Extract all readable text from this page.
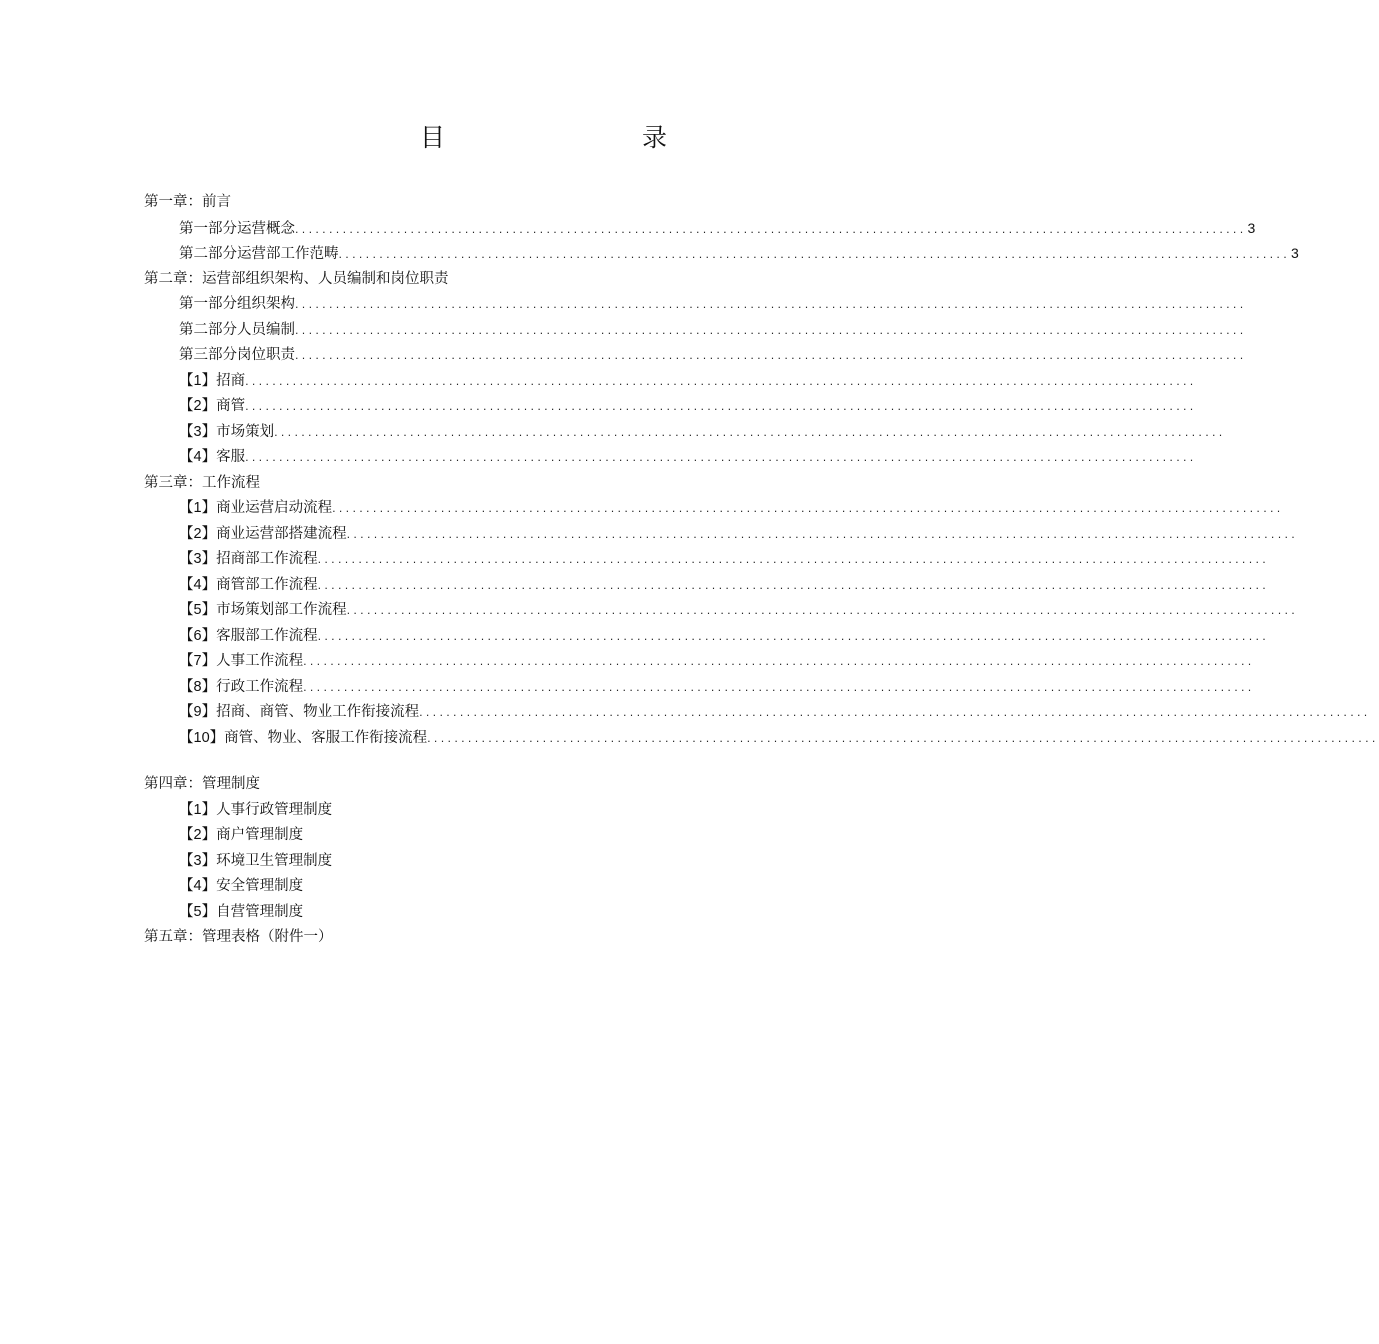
目	录
第一章：前言
第一部分运营概念 ............................................................................................................................................ 3
第二部分运营部工作范畴 ............................................................................................................................................ 3
第二章：运营部组织架构、人员编制和岗位职责
第一部分组织架构 ............................................................................................................................................
第二部分人员编制 ............................................................................................................................................
第三部分岗位职责 ............................................................................................................................................
【1】招商 ............................................................................................................................................
【2】商管 ............................................................................................................................................
【3】市场策划 ............................................................................................................................................
【4】客服 ............................................................................................................................................
第三章：工作流程
【1】商业运营启动流程 ............................................................................................................................................
【2】商业运营部搭建流程 ............................................................................................................................................
【3】招商部工作流程 ............................................................................................................................................
【4】商管部工作流程 ............................................................................................................................................
【5】市场策划部工作流程 ............................................................................................................................................
【6】客服部工作流程 ............................................................................................................................................
【7】人事工作流程 ............................................................................................................................................
【8】行政工作流程 ............................................................................................................................................
【9】招商、商管、物业工作衔接流程 ............................................................................................................................................
【10】商管、物业、客服工作衔接流程 ............................................................................................................................................
第四章：管理制度
【1】人事行政管理制度
【2】商户管理制度
【3】环境卫生管理制度
【4】安全管理制度
【5】自营管理制度
第五章：管理表格（附件一）
